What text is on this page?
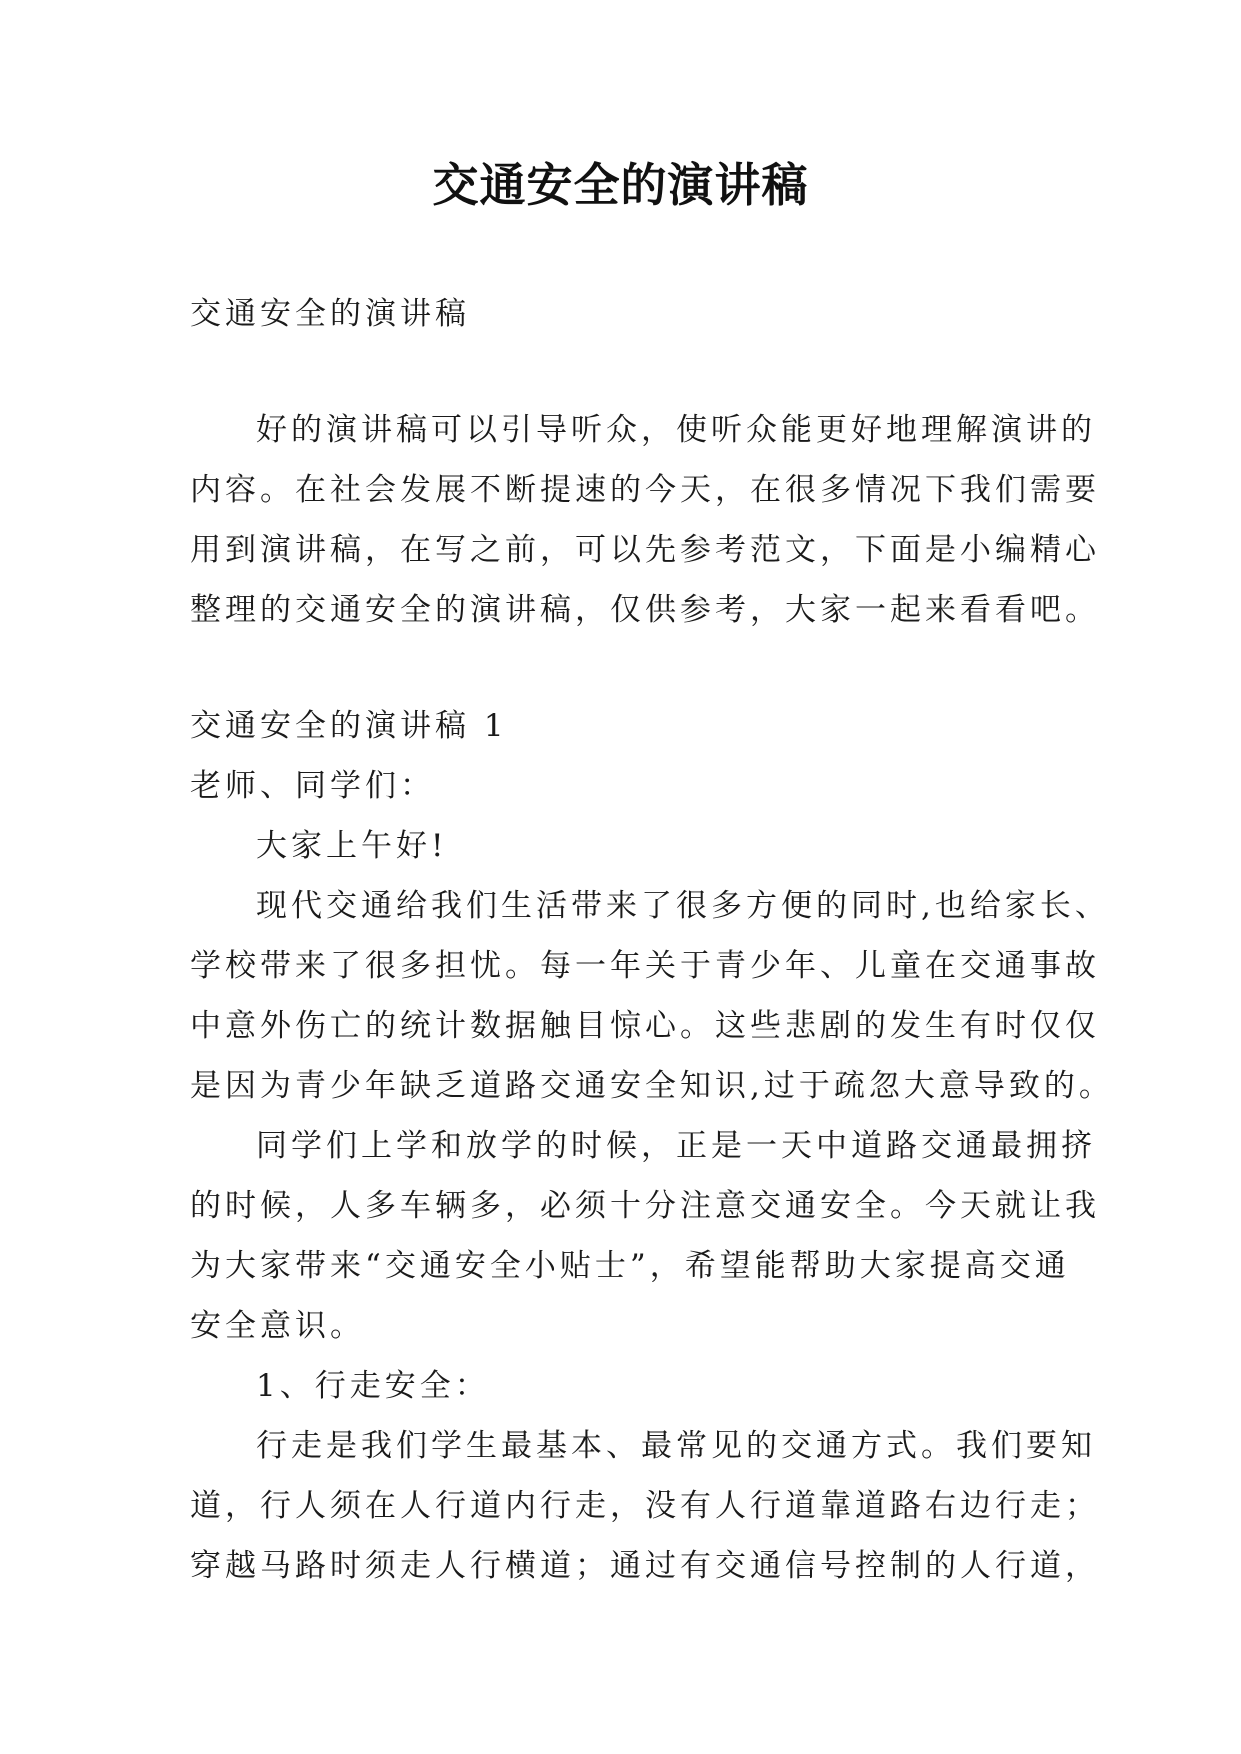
交通安全的演讲稿
交通安全的演讲稿
好的演讲稿可以引导听众，使听众能更好地理解演讲的
内容。在社会发展不断提速的今天，在很多情况下我们需要
用到演讲稿，在写之前，可以先参考范文，下面是小编精心
整理的交通安全的演讲稿，仅供参考，大家一起来看看吧。
交通安全的演讲稿 1
老师、同学们：
大家上午好!
现代交通给我们生活带来了很多方便的同时,也给家长、
学校带来了很多担忧。每一年关于青少年、儿童在交通事故
中意外伤亡的统计数据触目惊心。这些悲剧的发生有时仅仅
是因为青少年缺乏道路交通安全知识,过于疏忽大意导致的。
同学们上学和放学的时候，正是一天中道路交通最拥挤
的时候，人多车辆多，必须十分注意交通安全。今天就让我
为大家带来“交通安全小贴士”，希望能帮助大家提高交通
安全意识。
1、行走安全：
行走是我们学生最基本、最常见的交通方式。我们要知
道，行人须在人行道内行走，没有人行道靠道路右边行走；
穿越马路时须走人行横道；通过有交通信号控制的人行道，
